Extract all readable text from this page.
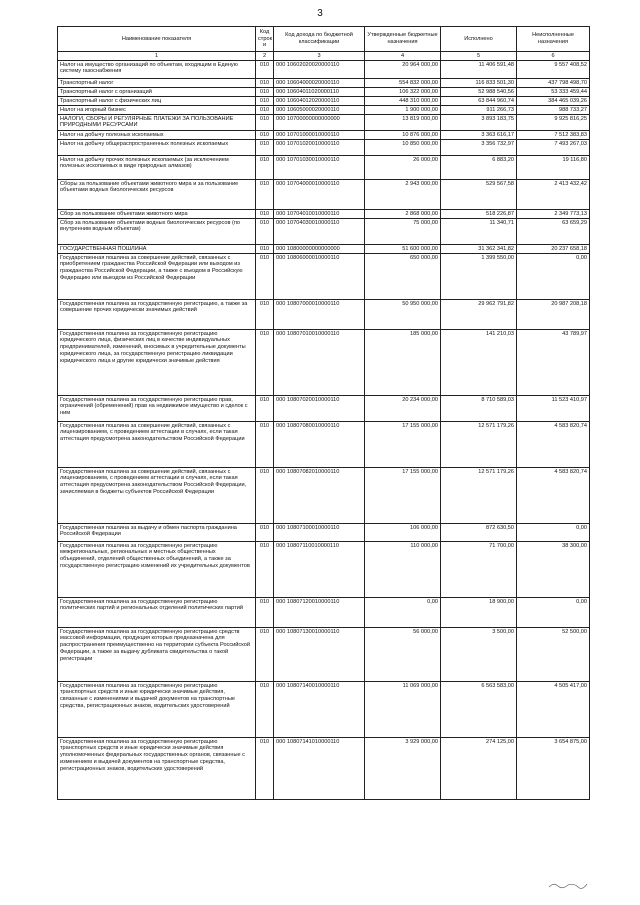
3
Наименование показателя	Код строк и	Код дохода по бюджетной классификации	Утвержденные бюджетные назначения	Исполнено	Неисполненные назначения
1	2	3	4	5	6
Налог на имущество организаций по объектам, входящим в Единую систему газоснабжения	010	000 10602020020000110	20 964 000,00	11 406 591,48	9 557 408,52
Транспортный налог	010	000 10604000020000110	554 832 000,00	116 833 501,30	437 798 498,70
Транспортный налог с организаций	010	000 10604011020000110	106 322 000,00	52 988 540,56	53 333 459,44
Транспортный налог с физических лиц	010	000 10604012020000110	448 310 000,00	63 844 960,74	384 465 039,26
Налог на игорный бизнес	010	000 10605000020000110	1 900 000,00	911 266,73	988 733,27
НАЛОГИ, СБОРЫ И РЕГУЛЯРНЫЕ ПЛАТЕЖИ ЗА ПОЛЬЗОВАНИЕ ПРИРОДНЫМИ РЕСУРСАМИ	010	000 10700000000000000	13 819 000,00	3 893 183,75	9 925 816,25
Налог на добычу полезных ископаемых	010	000 10701000010000110	10 876 000,00	3 363 616,17	7 512 383,83
Налог на добычу общераспространенных полезных ископаемых	010	000 10701020010000110	10 850 000,00	3 356 732,97	7 493 267,03
Налог на добычу прочих полезных ископаемых (за исключением полезных ископаемых в виде природных алмазов)	010	000 10701030010000110	26 000,00	6 883,20	19 116,80
Сборы за пользование объектами животного мира и за пользование объектами водных биологических ресурсов	010	000 10704000010000110	2 943 000,00	529 567,58	2 413 432,42
Сбор за пользование объектами животного мира	010	000 10704010010000110	2 868 000,00	518 226,87	2 349 773,13
Сбор за пользование объектами водных биологических ресурсов (по внутренним водным объектам)	010	000 10704030010000110	75 000,00	11 340,71	63 659,29
ГОСУДАРСТВЕННАЯ ПОШЛИНА	010	000 10800000000000000	51 600 000,00	31 362 341,82	20 237 658,18
Государственная пошлина за совершение действий, связанных с приобретением гражданства Российской Федерации или выходом из гражданства Российской Федерации, а также с въездом в Российскую Федерацию или выездом из Российской Федерации	010	000 10806000010000110	650 000,00	1 399 550,00	0,00
Государственная пошлина за государственную регистрацию, а также за совершение прочих юридически значимых действий	010	000 10807000010000110	50 950 000,00	29 962 791,82	20 987 208,18
Государственная пошлина за государственную регистрацию юридического лица, физических лиц в качестве индивидуальных предпринимателей, изменений, вносимых в учредительные документы юридического лица, за государственную регистрацию ликвидации юридического лица и другие юридически значимые действия	010	000 10807010010000110	185 000,00	141 210,03	43 789,97
Государственная пошлина за государственную регистрацию прав, ограничений (обременений) прав на недвижимое имущество и сделок с ним	010	000 10807020010000110	20 234 000,00	8 710 589,03	11 523 410,97
Государственная пошлина за совершение действий, связанных с лицензированием, с проведением аттестации в случаях, если такая аттестация предусмотрена законодательством Российской Федерации	010	000 10807080010000110	17 155 000,00	12 571 179,26	4 583 820,74
Государственная пошлина за совершение действий, связанных с лицензированием, с проведением аттестации в случаях, если такая аттестация предусмотрена законодательством Российской Федерации, зачисляемая в бюджеты субъектов Российской Федерации	010	000 10807082010000110	17 155 000,00	12 571 179,26	4 583 820,74
Государственная пошлина за выдачу и обмен паспорта гражданина Российской Федерации	010	000 10807100010000110	106 000,00	872 630,50	0,00
Государственная пошлина за государственную регистрацию межрегиональных, региональных и местных общественных объединений, отделений общественных объединений, а также за государственную регистрацию изменений их учредительных документов	010	000 10807110010000110	110 000,00	71 700,00	38 300,00
Государственная пошлина за государственную регистрацию политических партий и региональных отделений политических партий	010	000 10807120010000110	0,00	18 900,00	0,00
Государственная пошлина за государственную регистрацию средств массовой информации, продукция которых предназначена для распространения преимущественно на территории субъекта Российской Федерации, а также за выдачу дубликата свидетельства о такой регистрации	010	000 10807130010000110	56 000,00	3 500,00	52 500,00
Государственная пошлина за государственную регистрацию транспортных средств и иные юридически значимые действия, связанные с изменениями и выдачей документов на транспортные средства, регистрационных знаков, водительских удостоверений	010	000 10807140010000110	11 069 000,00	6 563 583,00	4 505 417,00
Государственная пошлина за государственную регистрацию транспортных средств и иные юридически значимые действия уполномоченных федеральных государственных органов, связанные с изменением и выдачей документов на транспортные средства, регистрационных знаков, водительских удостоверений	010	000 10807141010000110	3 929 000,00	274 125,00	3 654 875,00
